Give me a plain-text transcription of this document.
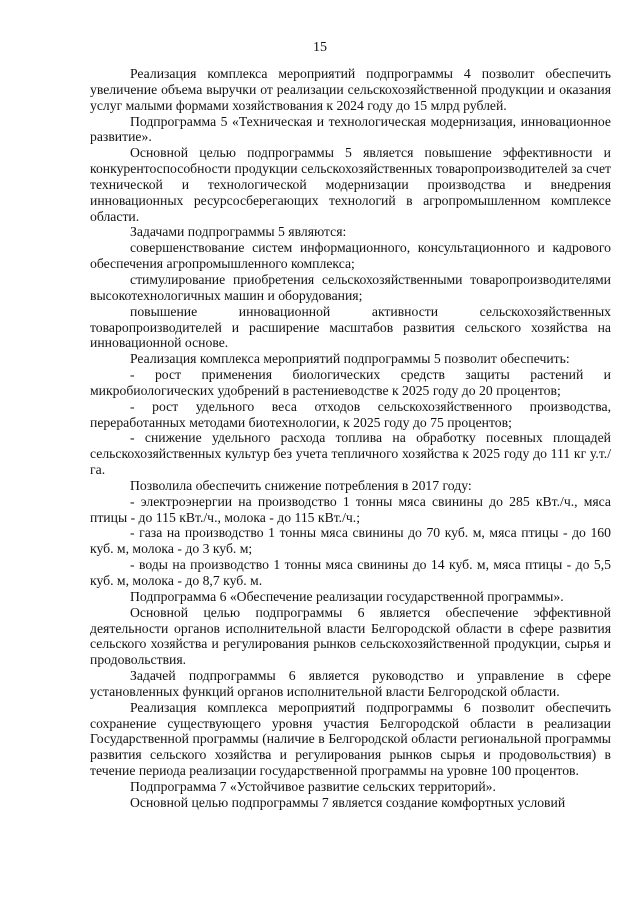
15

Реализация комплекса мероприятий подпрограммы 4 позволит обеспечить увеличение объема выручки от реализации сельскохозяйственной продукции и оказания услуг малыми формами хозяйствования к 2024 году до 15 млрд рублей.

Подпрограмма 5 «Техническая и технологическая модернизация, инновационное развитие».

Основной целью подпрограммы 5 является повышение эффективности и конкурентоспособности продукции сельскохозяйственных товаропроизводителей за счет технической и технологической модернизации производства и внедрения инновационных ресурсосберегающих технологий в агропромышленном комплексе области.

Задачами подпрограммы 5 являются:

совершенствование систем информационного, консультационного и кадрового обеспечения агропромышленного комплекса;

стимулирование приобретения сельскохозяйственными товаропроизводителями высокотехнологичных машин и оборудования;

повышение инновационной активности сельскохозяйственных товаропроизводителей и расширение масштабов развития сельского хозяйства на инновационной основе.

Реализация комплекса мероприятий подпрограммы 5 позволит обеспечить:

- рост применения биологических средств защиты растений и микробиологических удобрений в растениеводстве к 2025 году до 20 процентов;

- рост удельного веса отходов сельскохозяйственного производства, переработанных методами биотехнологии, к 2025 году до 75 процентов;

- снижение удельного расхода топлива на обработку посевных площадей сельскохозяйственных культур без учета тепличного хозяйства к 2025 году до 111 кг у.т./га.

Позволила обеспечить снижение потребления в 2017 году:

- электроэнергии на производство 1 тонны мяса свинины до 285 кВт./ч., мяса птицы - до 115 кВт./ч., молока - до 115 кВт./ч.;

- газа на производство 1 тонны мяса свинины до 70 куб. м, мяса птицы - до 160 куб. м, молока - до 3 куб. м;

- воды на производство 1 тонны мяса свинины до 14 куб. м, мяса птицы - до 5,5 куб. м, молока - до 8,7 куб. м.

Подпрограмма 6 «Обеспечение реализации государственной программы».

Основной целью подпрограммы 6 является обеспечение эффективной деятельности органов исполнительной власти Белгородской области в сфере развития сельского хозяйства и регулирования рынков сельскохозяйственной продукции, сырья и продовольствия.

Задачей подпрограммы 6 является руководство и управление в сфере установленных функций органов исполнительной власти Белгородской области.

Реализация комплекса мероприятий подпрограммы 6 позволит обеспечить сохранение существующего уровня участия Белгородской области в реализации Государственной программы (наличие в Белгородской области региональной программы развития сельского хозяйства и регулирования рынков сырья и продовольствия) в течение периода реализации государственной программы на уровне 100 процентов.

Подпрограмма 7 «Устойчивое развитие сельских территорий».

Основной целью подпрограммы 7 является создание комфортных условий
